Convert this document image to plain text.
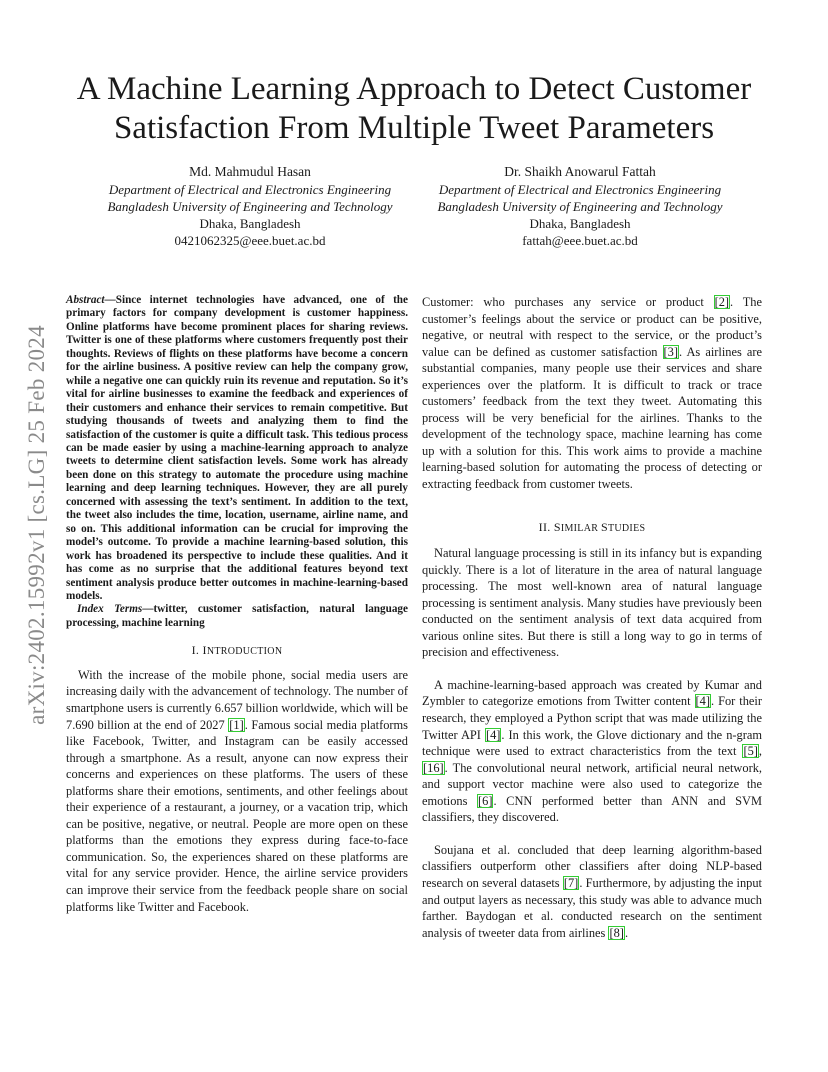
arXiv:2402.15992v1 [cs.LG] 25 Feb 2024
A Machine Learning Approach to Detect Customer
Satisfaction From Multiple Tweet Parameters
Md. Mahmudul Hasan
Department of Electrical and Electronics Engineering
Bangladesh University of Engineering and Technology
Dhaka, Bangladesh
0421062325@eee.buet.ac.bd
Dr. Shaikh Anowarul Fattah
Department of Electrical and Electronics Engineering
Bangladesh University of Engineering and Technology
Dhaka, Bangladesh
fattah@eee.buet.ac.bd

Abstract—Since internet technologies have advanced, one of the primary factors for company development is customer happiness. Online platforms have become prominent places for sharing reviews. Twitter is one of these platforms where customers frequently post their thoughts. Reviews of flights on these platforms have become a concern for the airline business. A positive review can help the company grow, while a negative one can quickly ruin its revenue and reputation. So it’s vital for airline businesses to examine the feedback and experiences of their customers and enhance their services to remain competitive. But studying thousands of tweets and analyzing them to find the satisfaction of the customer is quite a difficult task. This tedious process can be made easier by using a machine-learning approach to analyze tweets to determine client satisfaction levels. Some work has already been done on this strategy to automate the procedure using machine learning and deep learning techniques. However, they are all purely concerned with assessing the text’s sentiment. In addition to the text, the tweet also includes the time, location, username, airline name, and so on. This additional information can be crucial for improving the model’s outcome. To provide a machine learning-based solution, this work has broadened its perspective to include these qualities. And it has come as no surprise that the additional features beyond text sentiment analysis produce better outcomes in machine-learning-based models.

Index Terms—twitter, customer satisfaction, natural language processing, machine learning

I. INTRODUCTION

With the increase of the mobile phone, social media users are increasing daily with the advancement of technology. The number of smartphone users is currently 6.657 billion worldwide, which will be 7.690 billion at the end of 2027 [1]. Famous social media platforms like Facebook, Twitter, and Instagram can be easily accessed through a smartphone. As a result, anyone can now express their concerns and experiences on these platforms. The users of these platforms share their emotions, sentiments, and other feelings about their experience of a restaurant, a journey, or a vacation trip, which can be positive, negative, or neutral. People are more open on these platforms than the emotions they express during face-to-face communication. So, the experiences shared on these platforms are vital for any service provider. Hence, the airline service providers can improve their service from the feedback people share on social platforms like Twitter and Facebook.

Customer: who purchases any service or product [2]. The customer’s feelings about the service or product can be positive, negative, or neutral with respect to the service, or the product’s value can be defined as customer satisfaction [3]. As airlines are substantial companies, many people use their services and share experiences over the platform. It is difficult to track or trace customers’ feedback from the text they tweet. Automating this process will be very beneficial for the airlines. Thanks to the development of the technology space, machine learning has come up with a solution for this. This work aims to provide a machine learning-based solution for automating the process of detecting or extracting feedback from customer tweets.

II. SIMILAR STUDIES

Natural language processing is still in its infancy but is expanding quickly. There is a lot of literature in the area of natural language processing. The most well-known area of natural language processing is sentiment analysis. Many studies have previously been conducted on the sentiment analysis of text data acquired from various online sites. But there is still a long way to go in terms of precision and effectiveness.

A machine-learning-based approach was created by Kumar and Zymbler to categorize emotions from Twitter content [4]. For their research, they employed a Python script that was made utilizing the Twitter API [4]. In this work, the Glove dictionary and the n-gram technique were used to extract characteristics from the text [5], [16]. The convolutional neural network, artificial neural network, and support vector machine were also used to categorize the emotions [6]. CNN performed better than ANN and SVM classifiers, they discovered.

Soujana et al. concluded that deep learning algorithm-based classifiers outperform other classifiers after doing NLP-based research on several datasets [7]. Furthermore, by adjusting the input and output layers as necessary, this study was able to advance much farther. Baydogan et al. conducted research on the sentiment analysis of tweeter data from airlines [8].
